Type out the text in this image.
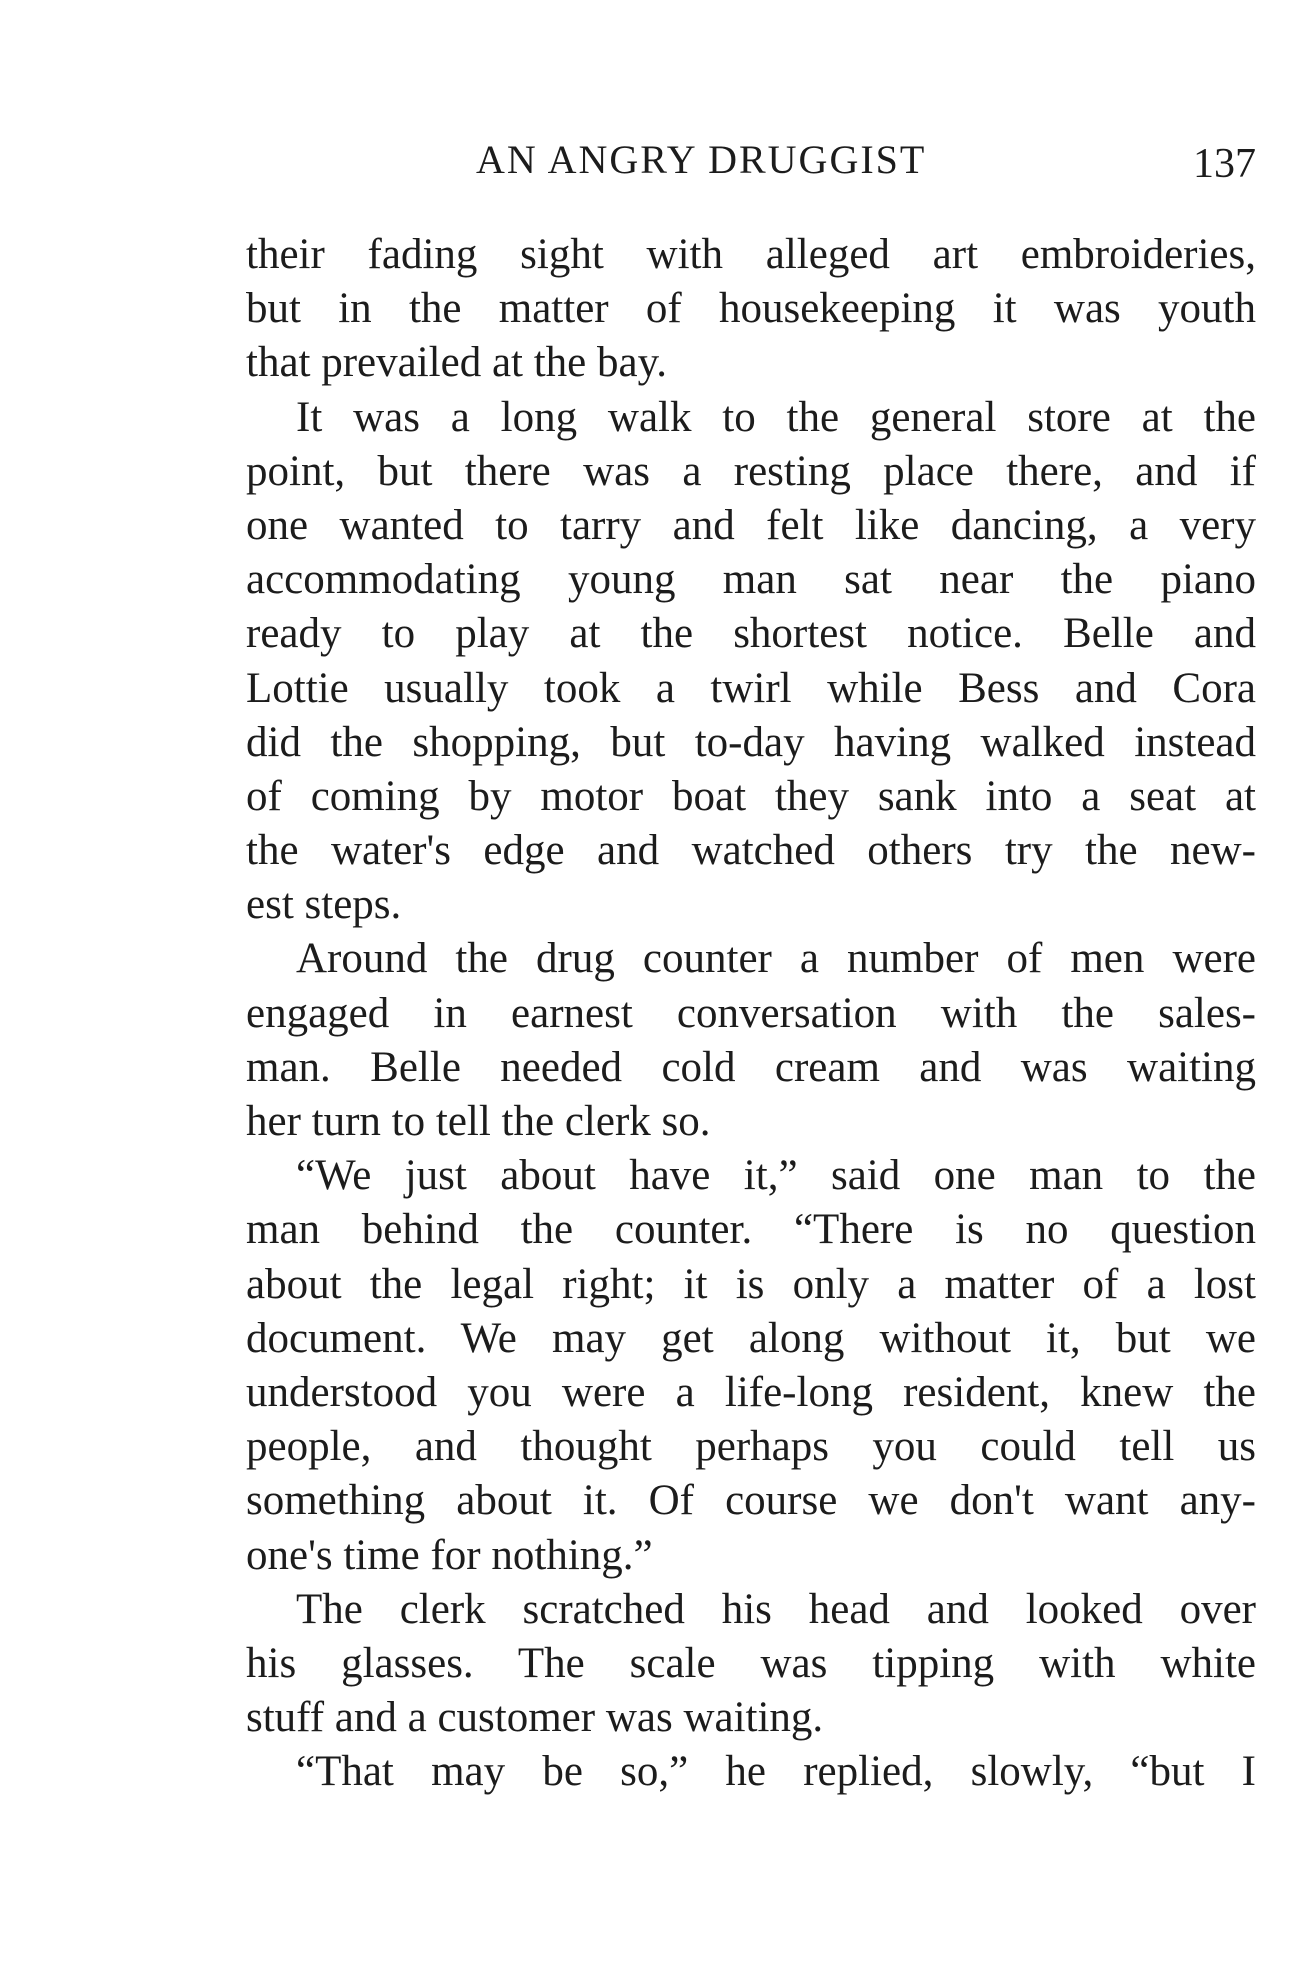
AN ANGRY DRUGGIST	137
their fading sight with alleged art embroideries,
but in the matter of housekeeping it was youth
that prevailed at the bay.
It was a long walk to the general store at the
point, but there was a resting place there, and if
one wanted to tarry and felt like dancing, a very
accommodating young man sat near the piano
ready to play at the shortest notice. Belle and
Lottie usually took a twirl while Bess and Cora
did the shopping, but to-day having walked instead
of coming by motor boat they sank into a seat at
the water's edge and watched others try the new-
est steps.
Around the drug counter a number of men were
engaged in earnest conversation with the sales-
man. Belle needed cold cream and was waiting
her turn to tell the clerk so.
“We just about have it,” said one man to the
man behind the counter. “There is no question
about the legal right; it is only a matter of a lost
document. We may get along without it, but we
understood you were a life-long resident, knew the
people, and thought perhaps you could tell us
something about it. Of course we don't want any-
one's time for nothing.”
The clerk scratched his head and looked over
his glasses. The scale was tipping with white
stuff and a customer was waiting.
“That may be so,” he replied, slowly, “but I
